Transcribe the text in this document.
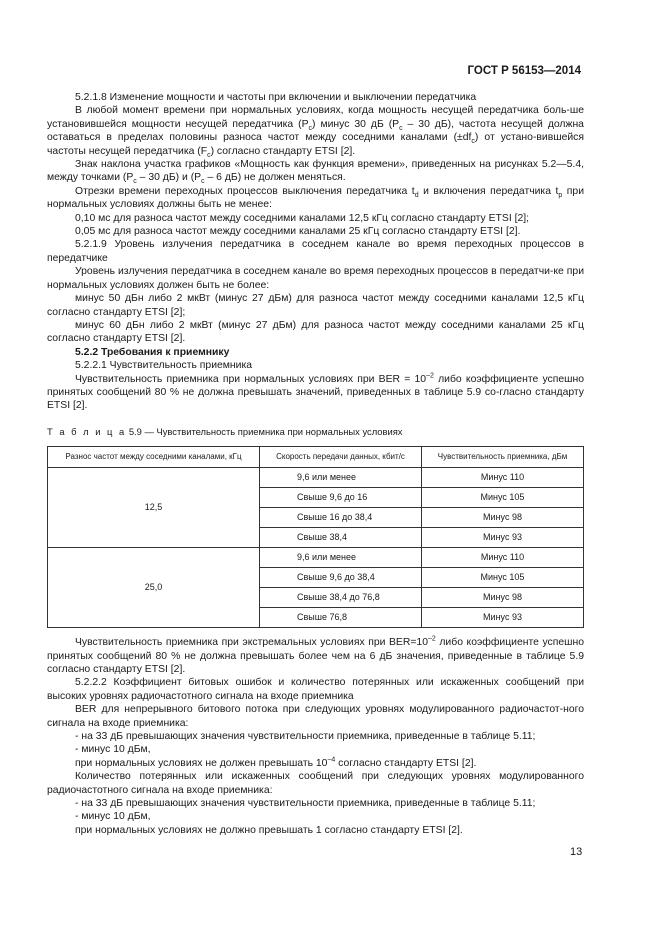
ГОСТ Р 56153—2014

5.2.1.8 Изменение мощности и частоты при включении и выключении передатчика

В любой момент времени при нормальных условиях, когда мощность несущей передатчика боль-ше установившейся мощности несущей передатчика $(P_c)$ минус 30 дБ ($P_c - 30$ дБ), частота несущей должна оставаться в пределах половины разноса частот между соседними каналами $(\pm df_c)$ от устано-вившейся частоты несущей передатчика $(F_c)$ согласно стандарту ETSI [2].

Знак наклона участка графиков «Мощность как функция времени», приведенных на рисунках 5.2—5.4, между точками ($P_c - 30$ дБ) и ($P_c - 6$ дБ) не должен меняться.

Отрезки времени переходных процессов выключения передатчика $t_d$ и включения передатчика $t_p$ при нормальных условиях должны быть не менее:

0,10 мс для разноса частот между соседними каналами 12,5 кГц согласно стандарту ETSI [2];

0,05 мс для разноса частот между соседними каналами 25 кГц согласно стандарту ETSI [2].

5.2.1.9 Уровень излучения передатчика в соседнем канале во время переходных процессов в передатчике

Уровень излучения передатчика в соседнем канале во время переходных процессов в передатчи-ке при нормальных условиях должен быть не более:

минус 50 дБн либо 2 мкВт (минус 27 дБм) для разноса частот между соседними каналами 12,5 кГц согласно стандарту ETSI [2];

минус 60 дБн либо 2 мкВт (минус 27 дБм) для разноса частот между соседними каналами 25 кГц согласно стандарту ETSI [2].

5.2.2 Требования к приемнику

5.2.2.1 Чувствительность приемника

Чувствительность приемника при нормальных условиях при BER = $10^{-2}$ либо коэффициенте успешно принятых сообщений 80 % не должна превышать значений, приведенных в таблице 5.9 со-гласно стандарту ETSI [2].

Т а б л и ц а 5.9 — Чувствительность приемника при нормальных условиях

Разнос частот между соседними каналами, кГц	Скорость передачи данных, кбит/с	Чувствительность приемника, дБм
12,5	9,6 или менее	Минус 110
	Свыше 9,6 до 16	Минус 105
	Свыше 16 до 38,4	Минус 98
	Свыше 38,4	Минус 93
25,0	9,6 или менее	Минус 110
	Свыше 9,6 до 38,4	Минус 105
	Свыше 38,4 до 76,8	Минус 98
	Свыше 76,8	Минус 93

Чувствительность приемника при экстремальных условиях при $BER=10^{-2}$ либо коэффициенте успешно принятых сообщений 80 % не должна превышать более чем на 6 дБ значения, приведенные в таблице 5.9 согласно стандарту ETSI [2].

5.2.2.2 Коэффициент битовых ошибок и количество потерянных или искаженных сообщений при высоких уровнях радиочастотного сигнала на входе приемника

BER для непрерывного битового потока при следующих уровнях модулированного радиочастот-ного сигнала на входе приемника:

- на 33 дБ превышающих значения чувствительности приемника, приведенные в таблице 5.11;

- минус 10 дБм,

при нормальных условиях не должен превышать $10^{-4}$ согласно стандарту ETSI [2].

Количество потерянных или искаженных сообщений при следующих уровнях модулированного радиочастотного сигнала на входе приемника:

- на 33 дБ превышающих значения чувствительности приемника, приведенные в таблице 5.11;

- минус 10 дБм,

при нормальных условиях не должно превышать 1 согласно стандарту ETSI [2].

13
